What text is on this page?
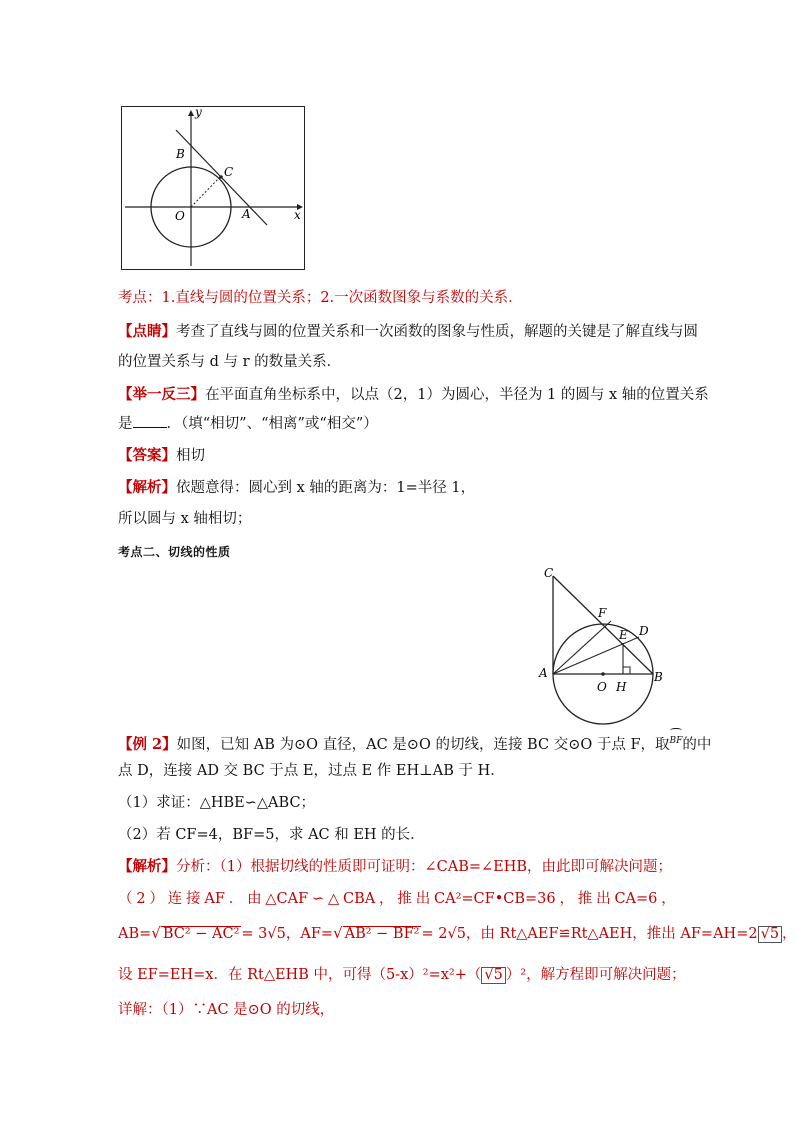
y
x
B
C
O	A
考点：1.直线与圆的位置关系；2.一次函数图象与系数的关系．
【点睛】考查了直线与圆的位置关系和一次函数的图象与性质，解题的关键是了解直线与圆
的位置关系与 d 与 r 的数量关系．
【举一反三】在平面直角坐标系中，以点（2，1）为圆心，半径为 1 的圆与 x 轴的位置关系
是 ．（填“相切”、“相离”或“相交”）
【答案】相切
【解析】依题意得：圆心到 x 轴的距离为：1=半径 1，
所以圆与 x 轴相切；
考点二、切线的性质
C
F
E D
A
O H
B
【例 2】如图，已知 AB 为⊙O 直径，AC 是⊙O 的切线，连接 BC 交⊙O 于点 F，取BF的中
点 D，连接 AD 交 BC 于点 E，过点 E 作 EH⊥AB 于 H．
（1）求证：△HBE∽△ABC；
（2）若 CF=4，BF=5，求 AC 和 EH 的长．
【解析】分析：（1）根据切线的性质即可证明：∠CAB=∠EHB，由此即可解决问题；
（ 2 ） 连 接 AF ． 由 △CAF ∽ △ CBA ， 推 出 CA²=CF•CB=36 ， 推 出 CA=6 ，
AB=√ BC² − AC² = 3√5，AF=√ AB² − BF² = 2√5，由 Rt△AEF≌Rt△AEH，推出 AF=AH=2 √5 ，
设 EF=EH=x．在 Rt△EHB 中，可得（5-x）²=x²+（ √5 ）²，解方程即可解决问题；
详解：（1）∵AC 是⊙O 的切线，
